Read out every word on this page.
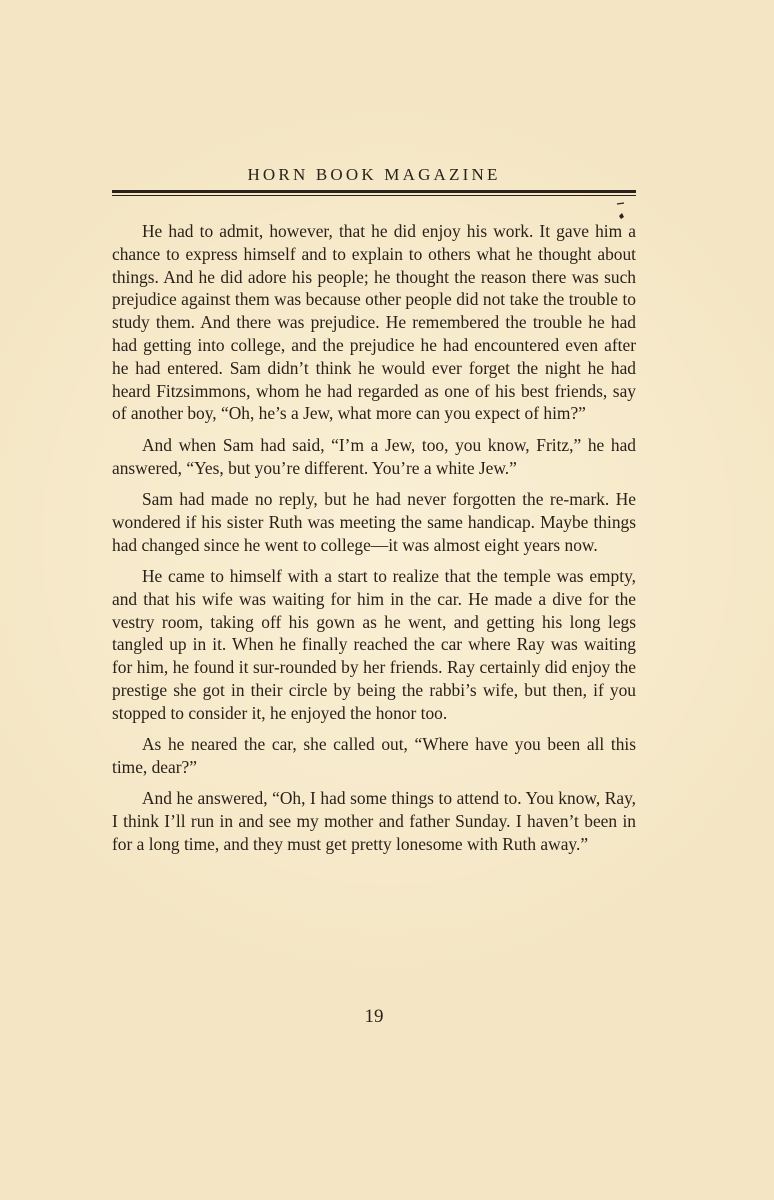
HORN BOOK MAGAZINE

He had to admit, however, that he did enjoy his work. It gave him a chance to express himself and to explain to others what he thought about things. And he did adore his people; he thought the reason there was such prejudice against them was because other people did not take the trouble to study them. And there was prejudice. He remembered the trouble he had had getting into college, and the prejudice he had encountered even after he had entered. Sam didn’t think he would ever forget the night he had heard Fitzsimmons, whom he had regarded as one of his best friends, say of another boy, “Oh, he’s a Jew, what more can you expect of him?”

And when Sam had said, “I’m a Jew, too, you know, Fritz,” he had answered, “Yes, but you’re different. You’re a white Jew.”

Sam had made no reply, but he had never forgotten the re-mark. He wondered if his sister Ruth was meeting the same handicap. Maybe things had changed since he went to college—it was almost eight years now.

He came to himself with a start to realize that the temple was empty, and that his wife was waiting for him in the car. He made a dive for the vestry room, taking off his gown as he went, and getting his long legs tangled up in it. When he finally reached the car where Ray was waiting for him, he found it sur-rounded by her friends. Ray certainly did enjoy the prestige she got in their circle by being the rabbi’s wife, but then, if you stopped to consider it, he enjoyed the honor too.

As he neared the car, she called out, “Where have you been all this time, dear?”

And he answered, “Oh, I had some things to attend to. You know, Ray, I think I’ll run in and see my mother and father Sunday. I haven’t been in for a long time, and they must get pretty lonesome with Ruth away.”

19
